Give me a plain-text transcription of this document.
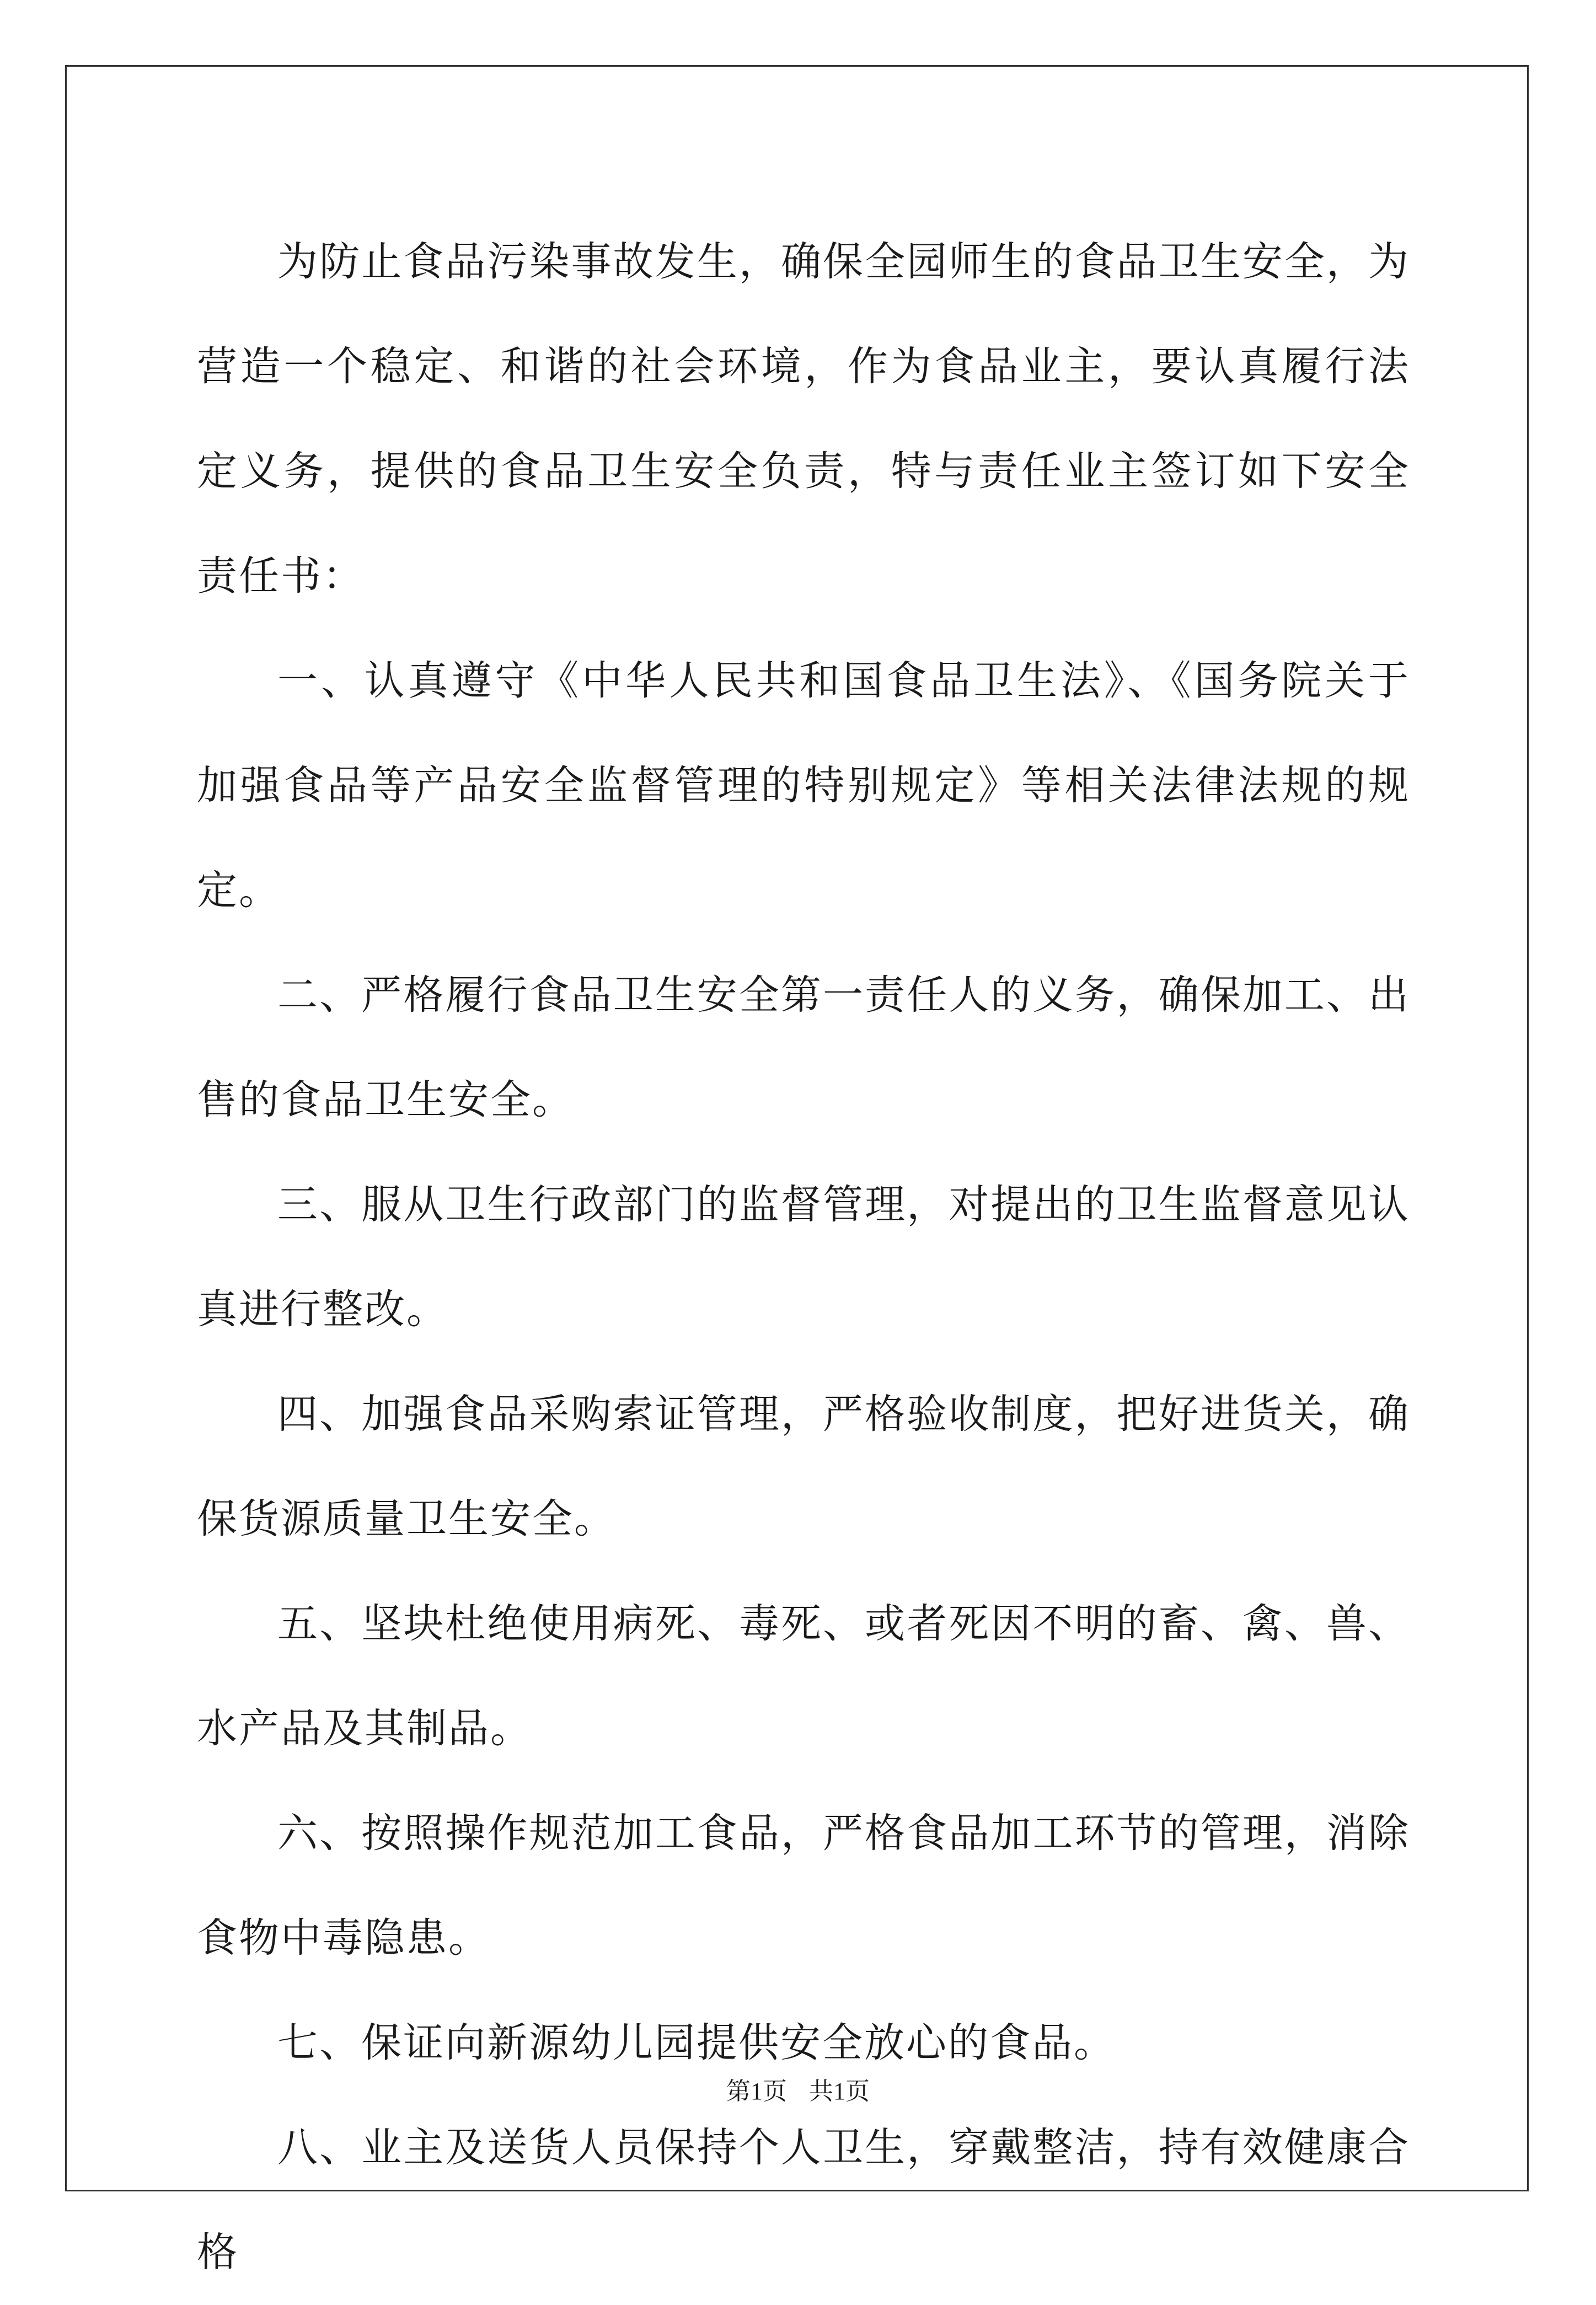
为防止食品污染事故发生，确保全园师生的食品卫生安全，为营造一个稳定、和谐的社会环境，作为食品业主，要认真履行法定义务，提供的食品卫生安全负责，特与责任业主签订如下安全责任书：

一、认真遵守《中华人民共和国食品卫生法》、《国务院关于加强食品等产品安全监督管理的特别规定》等相关法律法规的规定。

二、严格履行食品卫生安全第一责任人的义务，确保加工、出售的食品卫生安全。

三、服从卫生行政部门的监督管理，对提出的卫生监督意见认真进行整改。

四、加强食品采购索证管理，严格验收制度，把好进货关，确保货源质量卫生安全。

五、坚块杜绝使用病死、毒死、或者死因不明的畜、禽、兽、水产品及其制品。

六、按照操作规范加工食品，严格食品加工环节的管理，消除食物中毒隐患。

七、保证向新源幼儿园提供安全放心的食品。

八、业主及送货人员保持个人卫生，穿戴整洁，持有效健康合格

第1页 共1页
